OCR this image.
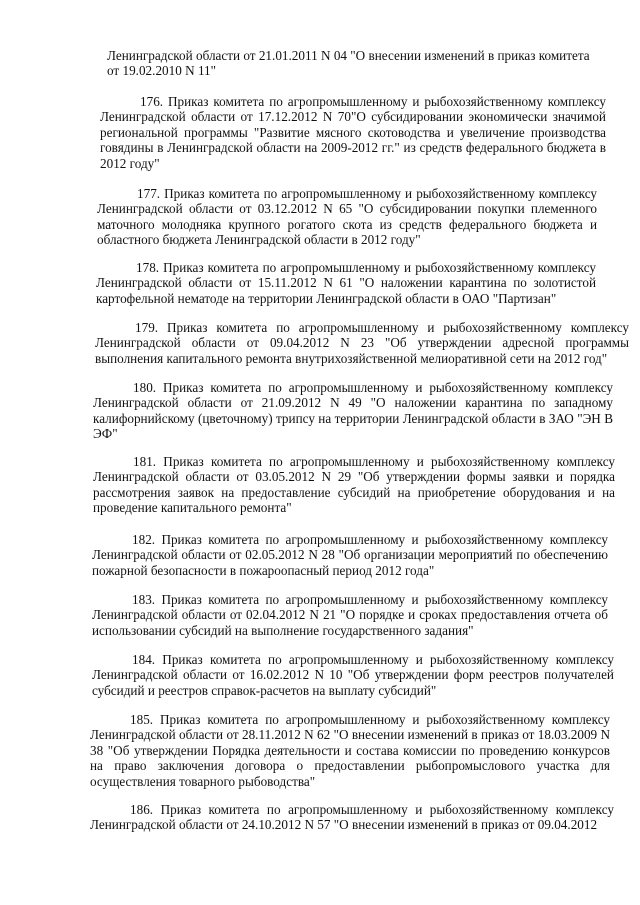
Ленинградской области от 21.01.2011 N 04 "О внесении изменений в приказ комитета от 19.02.2010 N 11"

176. Приказ комитета по агропромышленному и рыбохозяйственному комплексу Ленинградской области от 17.12.2012 N 70"О субсидировании экономически значимой региональной программы "Развитие мясного скотоводства и увеличение производства говядины в Ленинградской области на 2009-2012 гг." из средств федерального бюджета в 2012 году"

177. Приказ комитета по агропромышленному и рыбохозяйственному комплексу Ленинградской области от 03.12.2012 N 65 "О субсидировании покупки племенного маточного молодняка крупного рогатого скота из средств федерального бюджета и областного бюджета Ленинградской области в 2012 году"

178. Приказ комитета по агропромышленному и рыбохозяйственному комплексу Ленинградской области от 15.11.2012 N 61 "О наложении карантина по золотистой картофельной нематоде на территории Ленинградской области в ОАО "Партизан"

179. Приказ комитета по агропромышленному и рыбохозяйственному комплексу Ленинградской области от 09.04.2012 N 23 "Об утверждении адресной программы выполнения капитального ремонта внутрихозяйственной мелиоративной сети на 2012 год"

180. Приказ комитета по агропромышленному и рыбохозяйственному комплексу Ленинградской области от 21.09.2012 N 49 "О наложении карантина по западному калифорнийскому (цветочному) трипсу на территории Ленинградской области в ЗАО "ЭН В ЭФ"

181. Приказ комитета по агропромышленному и рыбохозяйственному комплексу Ленинградской области от 03.05.2012 N 29 "Об утверждении формы заявки и порядка рассмотрения заявок на предоставление субсидий на приобретение оборудования и на проведение капитального ремонта"

182. Приказ комитета по агропромышленному и рыбохозяйственному комплексу Ленинградской области от 02.05.2012 N 28 "Об организации мероприятий по обеспечению пожарной безопасности в пожароопасный период 2012 года"

183. Приказ комитета по агропромышленному и рыбохозяйственному комплексу Ленинградской области от 02.04.2012 N 21 "О порядке и сроках предоставления отчета об использовании субсидий на выполнение государственного задания"

184. Приказ комитета по агропромышленному и рыбохозяйственному комплексу Ленинградской области от 16.02.2012 N 10 "Об утверждении форм реестров получателей субсидий и реестров справок-расчетов на выплату субсидий"

185. Приказ комитета по агропромышленному и рыбохозяйственному комплексу Ленинградской области от 28.11.2012 N 62 "О внесении изменений в приказ от 18.03.2009 N 38 "Об утверждении Порядка деятельности и состава комиссии по проведению конкурсов на право заключения договора о предоставлении рыбопромыслового участка для осуществления товарного рыбоводства"

186. Приказ комитета по агропромышленному и рыбохозяйственному комплексу Ленинградской области от 24.10.2012 N 57 "О внесении изменений в приказ от 09.04.2012
